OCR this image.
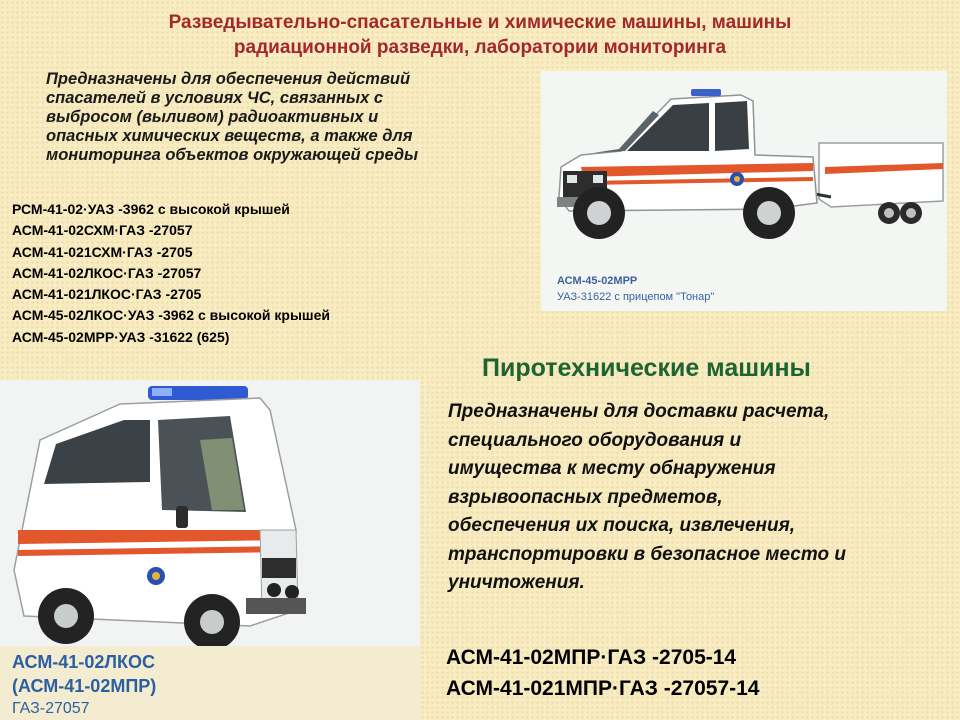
Разведывательно-спасательные и химические машины, машины
радиационной разведки, лаборатории мониторинга
Предназначены для обеспечения действий
спасателей в условиях ЧС, связанных с
выбросом (выливом) радиоактивных и
опасных химических веществ, а также для
мониторинга объектов окружающей среды
РСМ-41-02·УАЗ -3962 с высокой крышей
АСМ-41-02СХМ·ГАЗ -27057
АСМ-41-021СХМ·ГАЗ -2705
АСМ-41-02ЛКОС·ГАЗ -27057
АСМ-41-021ЛКОС·ГАЗ -2705
АСМ-45-02ЛКОС·УАЗ -3962 с высокой крышей
АСМ-45-02МРР·УАЗ -31622 (625)
АСМ-45-02МРР
УАЗ-31622 с прицепом "Тонар"
АСМ-41-02ЛКОС
(АСМ-41-02МПР)
ГАЗ-27057
Пиротехнические машины
Предназначены для доставки расчета,
специального оборудования и
имущества к месту обнаружения
взрывоопасных предметов,
обеспечения их поиска, извлечения,
транспортировки в безопасное место и
уничтожения.
АСМ-41-02МПР·ГАЗ -2705-14
АСМ-41-021МПР·ГАЗ -27057-14
